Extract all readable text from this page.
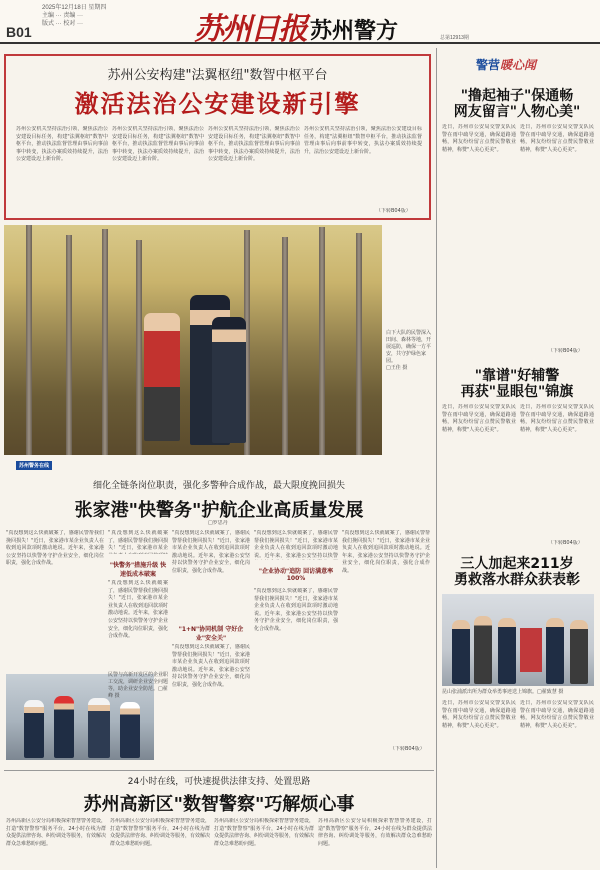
B01
2025年12月18日 星期四
主编 ··· 责编 ···
版式 ··· 校对 ···	苏州日报 苏州警方	总第12913期
苏州公安构建"法翼枢纽"数智中枢平台
激活法治公安建设新引擎
苏州公安机关坚持法治引领，聚焦法治公安建设目标任务，构建"法翼枢纽"数智中枢平台，推动执法监督管理由事后向事前事中转变，执法办案质效持续提升，法治公安建设迈上新台阶。
苏州公安机关坚持法治引领，聚焦法治公安建设目标任务，构建"法翼枢纽"数智中枢平台，推动执法监督管理由事后向事前事中转变，执法办案质效持续提升，法治公安建设迈上新台阶。
苏州公安机关坚持法治引领，聚焦法治公安建设目标任务，构建"法翼枢纽"数智中枢平台，推动执法监督管理由事后向事前事中转变，执法办案质效持续提升，法治公安建设迈上新台阶。
苏州公安机关坚持法治引领，聚焦法治公安建设目标任务，构建"法翼枢纽"数智中枢平台，推动执法监督管理由事后向事前事中转变，执法办案质效持续提升，法治公安建设迈上新台阶。
（下转B04版）
白下大队的民警深入田间、森林等地，开展巡防，确保一方平安，共守护绿色家园。
□王佳 摄
苏州警务在线
细化全链条岗位职责，强化多警种合成作战，最大限度挽回损失
张家港"快警务"护航企业高质量发展
□罗思丹
"真没想到这么快就破案了，感谢民警帮我们挽回损失！"近日，张家港市某企业负责人在收到追回款项时激动地说。近年来，张家港公安坚持以快警务守护企业安全，细化岗位职责，强化合成作战。
"真没想到这么快就破案了，感谢民警帮我们挽回损失！"近日，张家港市某企
"快警务"措施升级 快速低成本破案
"真没想到这么快就破案了，感谢民警帮我们挽回损失！"近日，张家港市某企业负责人在收到追回款项时激动地说。近年来，张家港公安坚持以快警务守护企业安全，细化岗位职责，强化合成作战。
"真没想到这么快就破案了，感谢民警帮我们挽回损失！"近日，张家港市某企业负责人在收到追回款项时激动地说。近年来，张家港公安坚持以快警务守护企业安全，细化岗位职责，强化合成作战。
"1+N"协同机制 守好企业"安全关"
"真没想到这么快就破案了，感谢民警帮我们挽回损失！"近日，张家港市某企业负责人在收到追回款项时激动地说。近年来，张家港公安坚持以快警务守护企业安全，细化岗位职责，强化合成作战。
"真没想到这么快就破案了，感谢民警帮我们挽回损失！"近日，张家港市某企业负责人在收到追回款项时激动地说。近年来，张家港公安坚持以快警
"企业协动"追防 回访满意率100%
"真没想到这么快就破案了，感谢民警帮我们挽回损失！"近日，张家港市某企业负责人在收到追回款项时激动地说。近年来，张家港公安坚持以快警务守护企业安全，细化岗位职责，强化合成作战。
"真没想到这么快就破案了，感谢民警帮我们挽回损失！"近日，张家港市某企业负责人在收到追回款项时激动地说。近年来，张家港公安坚持以快警务守护企业安全，细化岗位职责，强化合成作战。
（下转B04版）
民警与高新开发区的企业职工交流，调研企业安全问题等，助企业安全防范。□翟峰 摄
24小时在线，可快速提供法律支持、处置思路
苏州高新区"数智警察"巧解烦心事
苏州高新区公安分局积极探索智慧警务建设，打造"数智警察"服务平台，24小时在线为群众提供法律咨询、纠纷调处等服务，有效解决群众急难愁盼问题。
苏州高新区公安分局积极探索智慧警务建设，打造"数智警察"服务平台，24小时在线为群众提供法律咨询、纠纷调处等服务，有效解决群众急难愁盼问题。
苏州高新区公安分局积极探索智慧警务建设，打造"数智警察"服务平台，24小时在线为群众提供法律咨询、纠纷调处等服务，有效解决群众急难愁盼问题。
苏州高新区公安分局积极探索智慧警务建设，打造"数智警察"服务平台，24小时在线为群众提供法律咨询、纠纷调处等服务，有效解决群众急难愁盼问题。
警营暖心闻
"撸起袖子"保通畅
网友留言"人物心美"
近日，苏州市公安局交警支队民警在雨中疏导交通，确保道路通畅，网友纷纷留言点赞民警敬业精神，称赞"人美心更美"。
近日，苏州市公安局交警支队民警在雨中疏导交通，确保道路通畅，网友纷纷留言点赞民警敬业精神，称赞"人美心更美"。
（下转B04版）
"靠谱"好辅警
再获"显眼包"锦旗
近日，苏州市公安局交警支队民警在雨中疏导交通，确保道路通畅，网友纷纷留言点赞民警敬业精神，称赞"人美心更美"。
近日，苏州市公安局交警支队民警在雨中疏导交通，确保道路通畅，网友纷纷留言点赞民警敬业精神，称赞"人美心更美"。
（下转B04版）
三人加起来211岁
勇救落水群众获表彰
昆山张浦派出所为群众举勇事迹送上锦旗。□翟致慧 摄
近日，苏州市公安局交警支队民警在雨中疏导交通，确保道路通畅，网友纷纷留言点赞民警敬业精神，称赞"人美心更美"。
近日，苏州市公安局交警支队民警在雨中疏导交通，确保道路通畅，网友纷纷留言点赞民警敬业精神，称赞"人美心更美"。
